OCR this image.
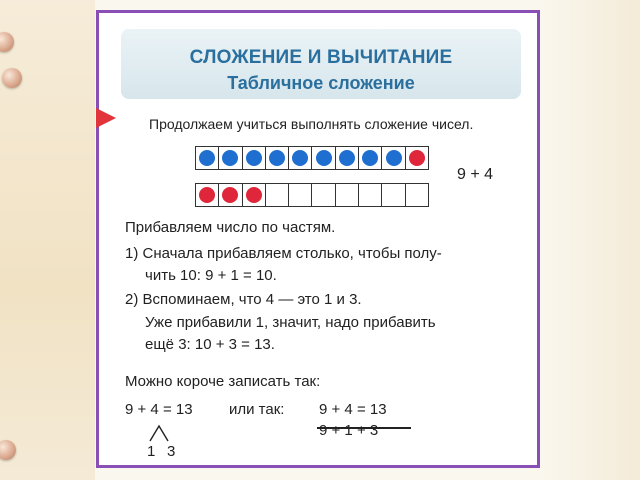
СЛОЖЕНИЕ И ВЫЧИТАНИЕ
Табличное сложение
Продолжаем учиться выполнять сложение чисел.
9 + 4
Прибавляем число по частям.
1) Сначала прибавляем столько, чтобы полу-
чить 10: 9 + 1 = 10.
2) Вспоминаем, что 4 — это 1 и 3.
Уже прибавили 1, значит, надо прибавить
ещё 3: 10 + 3 = 13.
Можно короче записать так:
9 + 4 = 13 или так: 9 + 4 = 13
9 + 1 + 3
1 3
